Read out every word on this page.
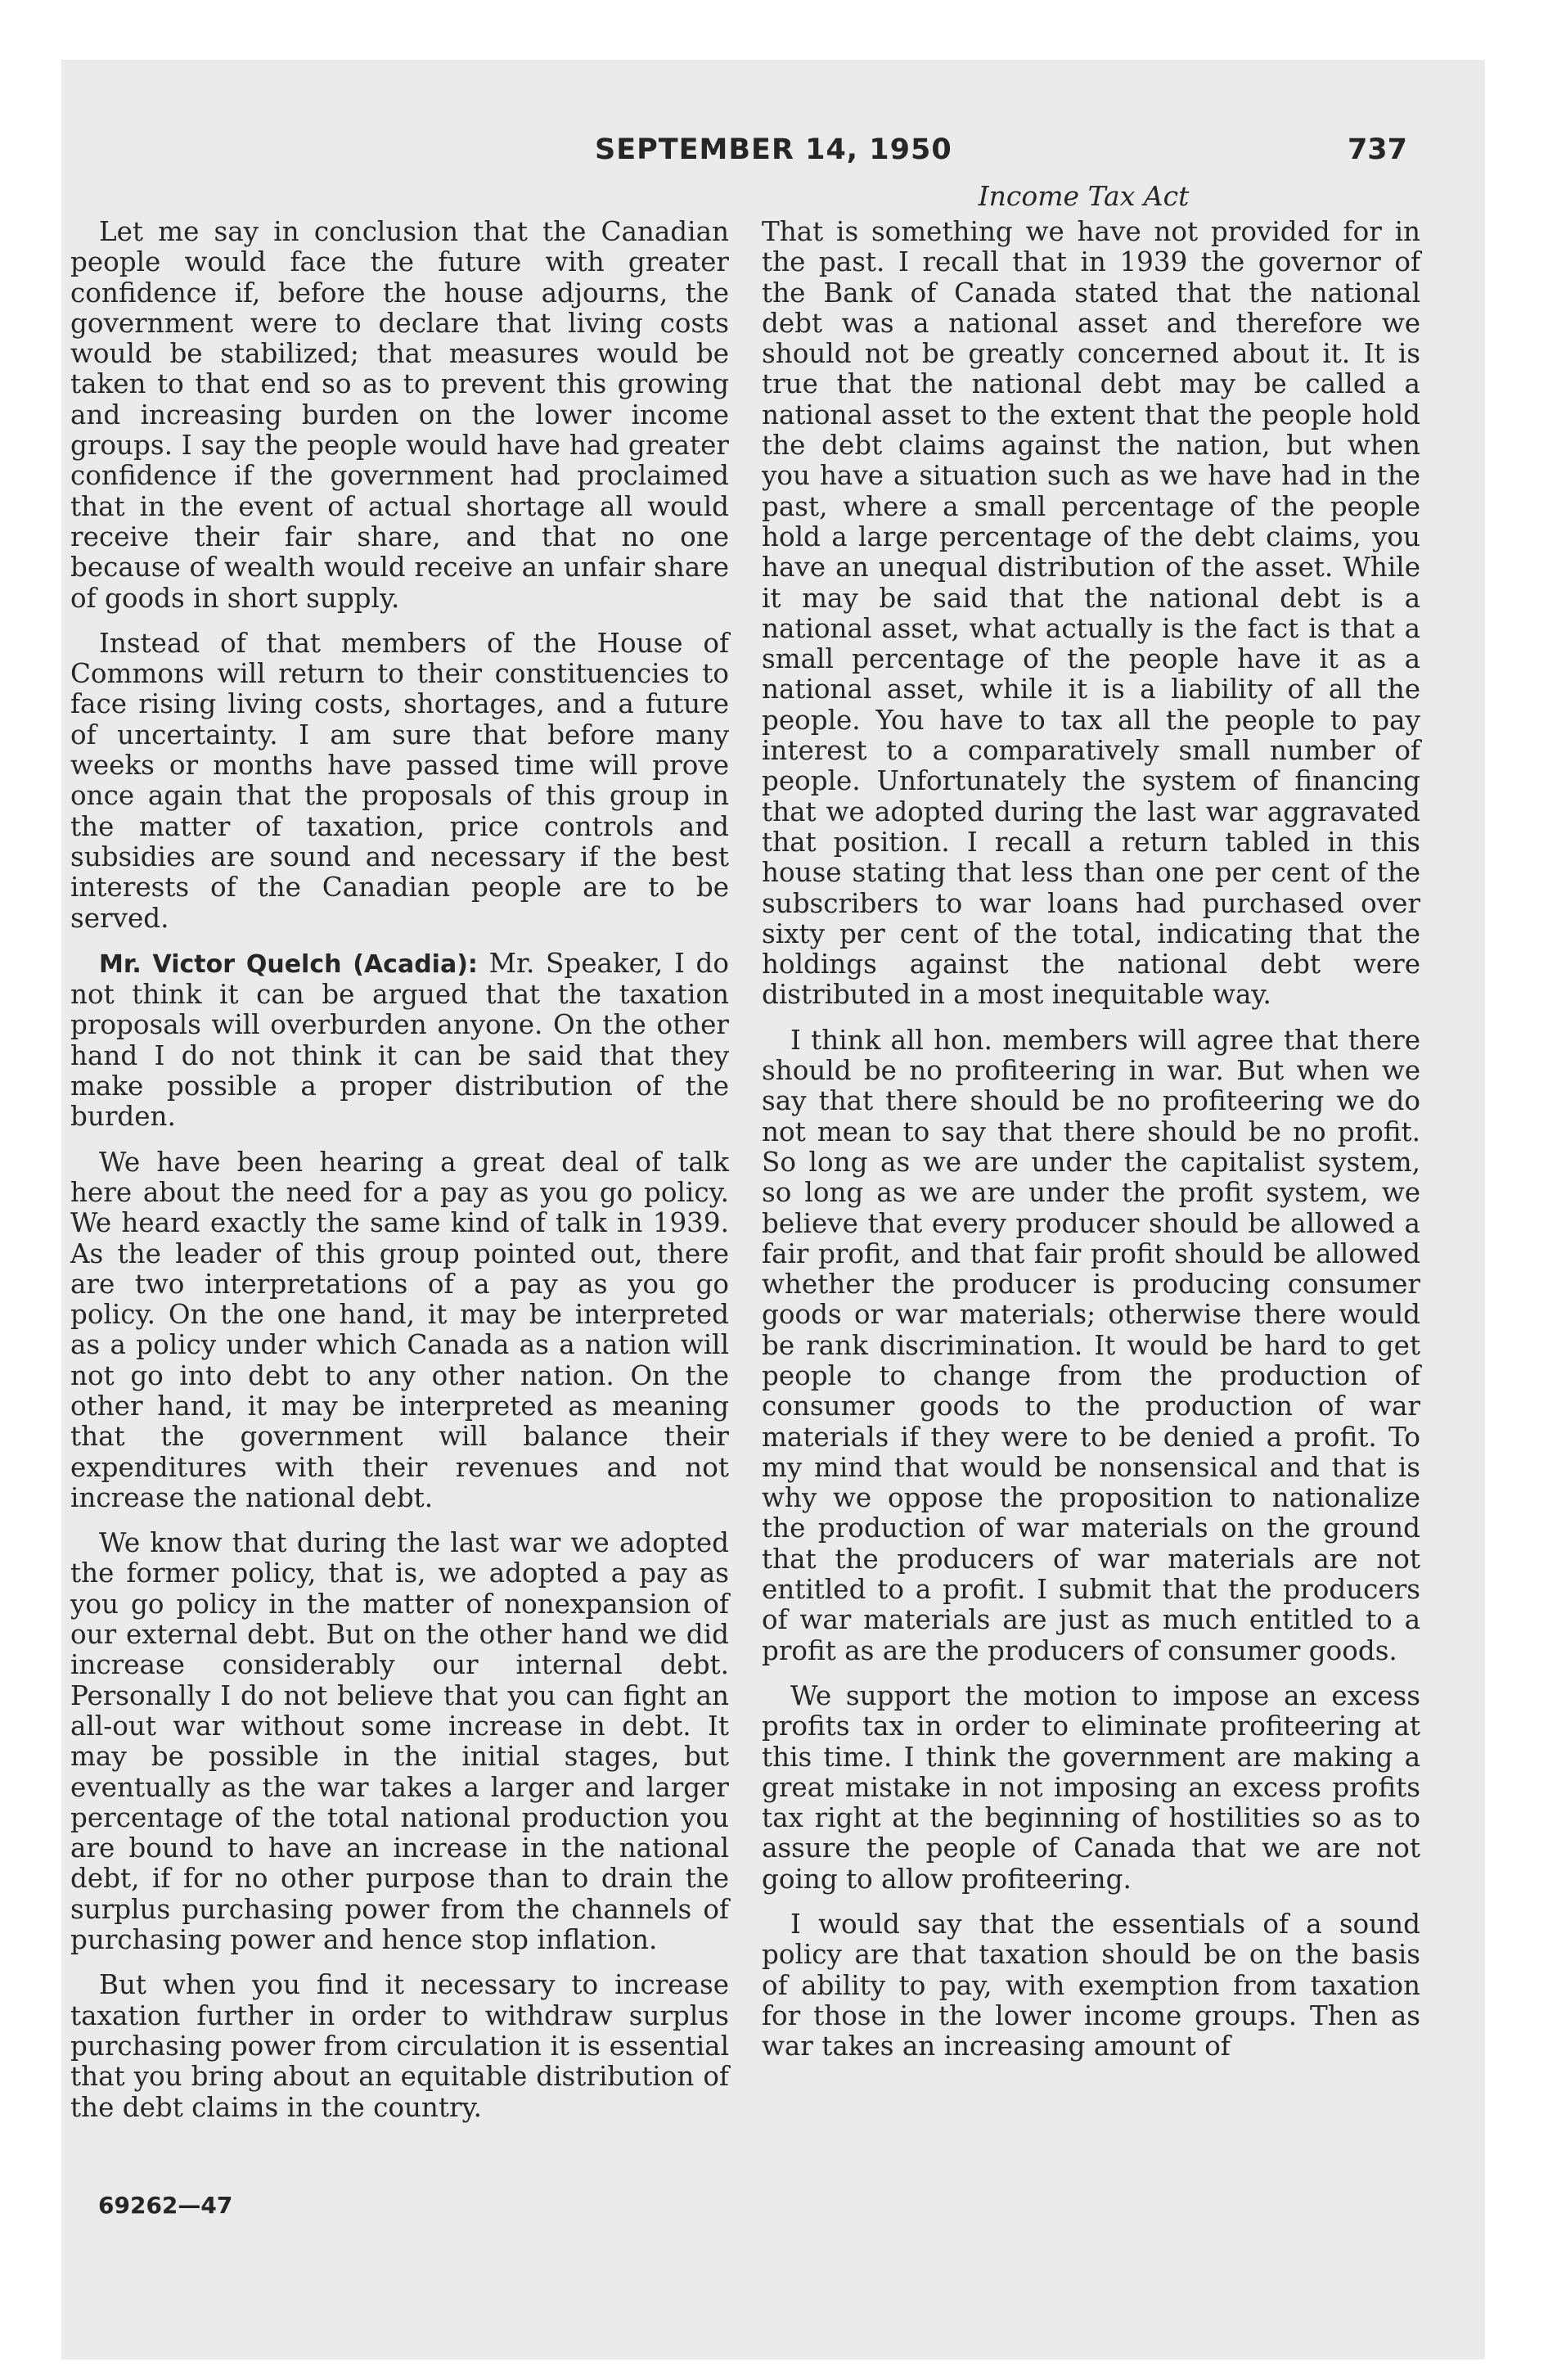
SEPTEMBER 14, 1950	737
Income Tax Act

Let me say in conclusion that the Canadian people would face the future with greater confidence if, before the house adjourns, the government were to declare that living costs would be stabilized; that measures would be taken to that end so as to prevent this growing and increasing burden on the lower income groups. I say the people would have had greater confidence if the government had proclaimed that in the event of actual shortage all would receive their fair share, and that no one because of wealth would receive an unfair share of goods in short supply.

Instead of that members of the House of Commons will return to their constituencies to face rising living costs, shortages, and a future of uncertainty. I am sure that before many weeks or months have passed time will prove once again that the proposals of this group in the matter of taxation, price controls and subsidies are sound and necessary if the best interests of the Canadian people are to be served.

Mr. Victor Quelch (Acadia): Mr. Speaker, I do not think it can be argued that the taxation proposals will overburden anyone. On the other hand I do not think it can be said that they make possible a proper distribution of the burden.

We have been hearing a great deal of talk here about the need for a pay as you go policy. We heard exactly the same kind of talk in 1939. As the leader of this group pointed out, there are two interpretations of a pay as you go policy. On the one hand, it may be interpreted as a policy under which Canada as a nation will not go into debt to any other nation. On the other hand, it may be interpreted as meaning that the government will balance their expenditures with their revenues and not increase the national debt.

We know that during the last war we adopted the former policy, that is, we adopted a pay as you go policy in the matter of nonexpansion of our external debt. But on the other hand we did increase considerably our internal debt. Personally I do not believe that you can fight an all-out war without some increase in debt. It may be possible in the initial stages, but eventually as the war takes a larger and larger percentage of the total national production you are bound to have an increase in the national debt, if for no other purpose than to drain the surplus purchasing power from the channels of purchasing power and hence stop inflation.

But when you find it necessary to increase taxation further in order to withdraw surplus purchasing power from circulation it is essential that you bring about an equitable distribution of the debt claims in the country.

That is something we have not provided for in the past. I recall that in 1939 the governor of the Bank of Canada stated that the national debt was a national asset and therefore we should not be greatly concerned about it. It is true that the national debt may be called a national asset to the extent that the people hold the debt claims against the nation, but when you have a situation such as we have had in the past, where a small percentage of the people hold a large percentage of the debt claims, you have an unequal distribution of the asset. While it may be said that the national debt is a national asset, what actually is the fact is that a small percentage of the people have it as a national asset, while it is a liability of all the people. You have to tax all the people to pay interest to a comparatively small number of people. Unfortunately the system of financing that we adopted during the last war aggravated that position. I recall a return tabled in this house stating that less than one per cent of the subscribers to war loans had purchased over sixty per cent of the total, indicating that the holdings against the national debt were distributed in a most inequitable way.

I think all hon. members will agree that there should be no profiteering in war. But when we say that there should be no profiteering we do not mean to say that there should be no profit. So long as we are under the capitalist system, so long as we are under the profit system, we believe that every producer should be allowed a fair profit, and that fair profit should be allowed whether the producer is producing consumer goods or war materials; otherwise there would be rank discrimination. It would be hard to get people to change from the production of consumer goods to the production of war materials if they were to be denied a profit. To my mind that would be nonsensical and that is why we oppose the proposition to nationalize the production of war materials on the ground that the producers of war materials are not entitled to a profit. I submit that the producers of war materials are just as much entitled to a profit as are the producers of consumer goods.

We support the motion to impose an excess profits tax in order to eliminate profiteering at this time. I think the government are making a great mistake in not imposing an excess profits tax right at the beginning of hostilities so as to assure the people of Canada that we are not going to allow profiteering.

I would say that the essentials of a sound policy are that taxation should be on the basis of ability to pay, with exemption from taxation for those in the lower income groups. Then as war takes an increasing amount of

69262—47
